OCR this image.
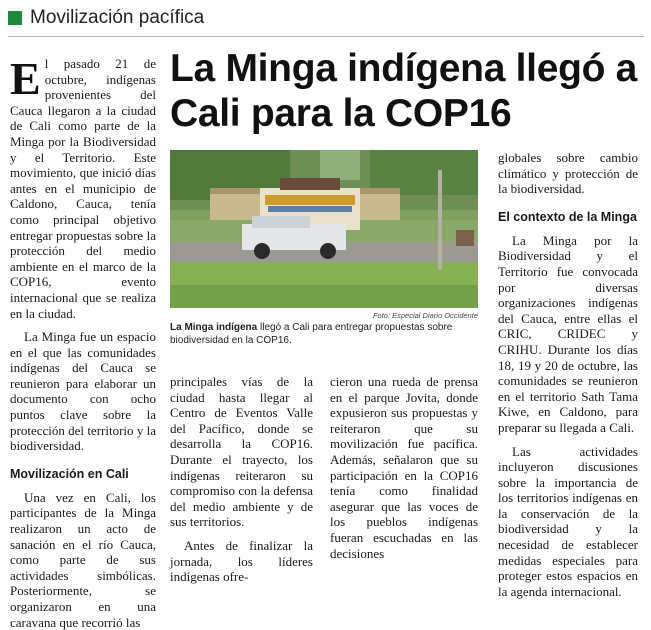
Movilización pacífica
La Minga indígena llegó a Cali para la COP16

El pasado 21 de octubre, indígenas provenientes del Cauca llegaron a la ciudad de Cali como parte de la Minga por la Biodiversidad y el Territorio. Este movimiento, que inició días antes en el municipio de Caldono, Cauca, tenía como principal objetivo entregar propuestas sobre la protección del medio ambiente en el marco de la COP16, evento internacional que se realiza en la ciudad.

La Minga fue un espacio en el que las comunidades indígenas del Cauca se reunieron para elaborar un documento con ocho puntos clave sobre la protección del territorio y la biodiversidad.

Movilización en Cali

Una vez en Cali, los participantes de la Minga realizaron un acto de sanación en el río Cauca, como parte de sus actividades simbólicas. Posteriormente, se organizaron en una caravana que recorrió las

Foto: Especial Diario Occidente
La Minga indígena llegó a Cali para entregar propuestas sobre biodiversidad en la COP16.

principales vías de la ciudad hasta llegar al Centro de Eventos Valle del Pacífico, donde se desarrolla la COP16. Durante el trayecto, los indígenas reiteraron su compromiso con la defensa del medio ambiente y de sus territorios.

Antes de finalizar la jornada, los líderes indígenas ofre-

cieron una rueda de prensa en el parque Jovita, donde expusieron sus propuestas y reiteraron que su movilización fue pacífica. Además, señalaron que su participación en la COP16 tenía como finalidad asegurar que las voces de los pueblos indígenas fueran escuchadas en las decisiones

globales sobre cambio climático y protección de la biodiversidad.

El contexto de la Minga

La Minga por la Biodiversidad y el Territorio fue convocada por diversas organizaciones indígenas del Cauca, entre ellas el CRIC, CRIDEC y CRIHU. Durante los días 18, 19 y 20 de octubre, las comunidades se reunieron en el territorio Sath Tama Kiwe, en Caldono, para preparar su llegada a Cali.

Las actividades incluyeron discusiones sobre la importancia de los territorios indígenas en la conservación de la biodiversidad y la necesidad de establecer medidas especiales para proteger estos espacios en la agenda internacional.
